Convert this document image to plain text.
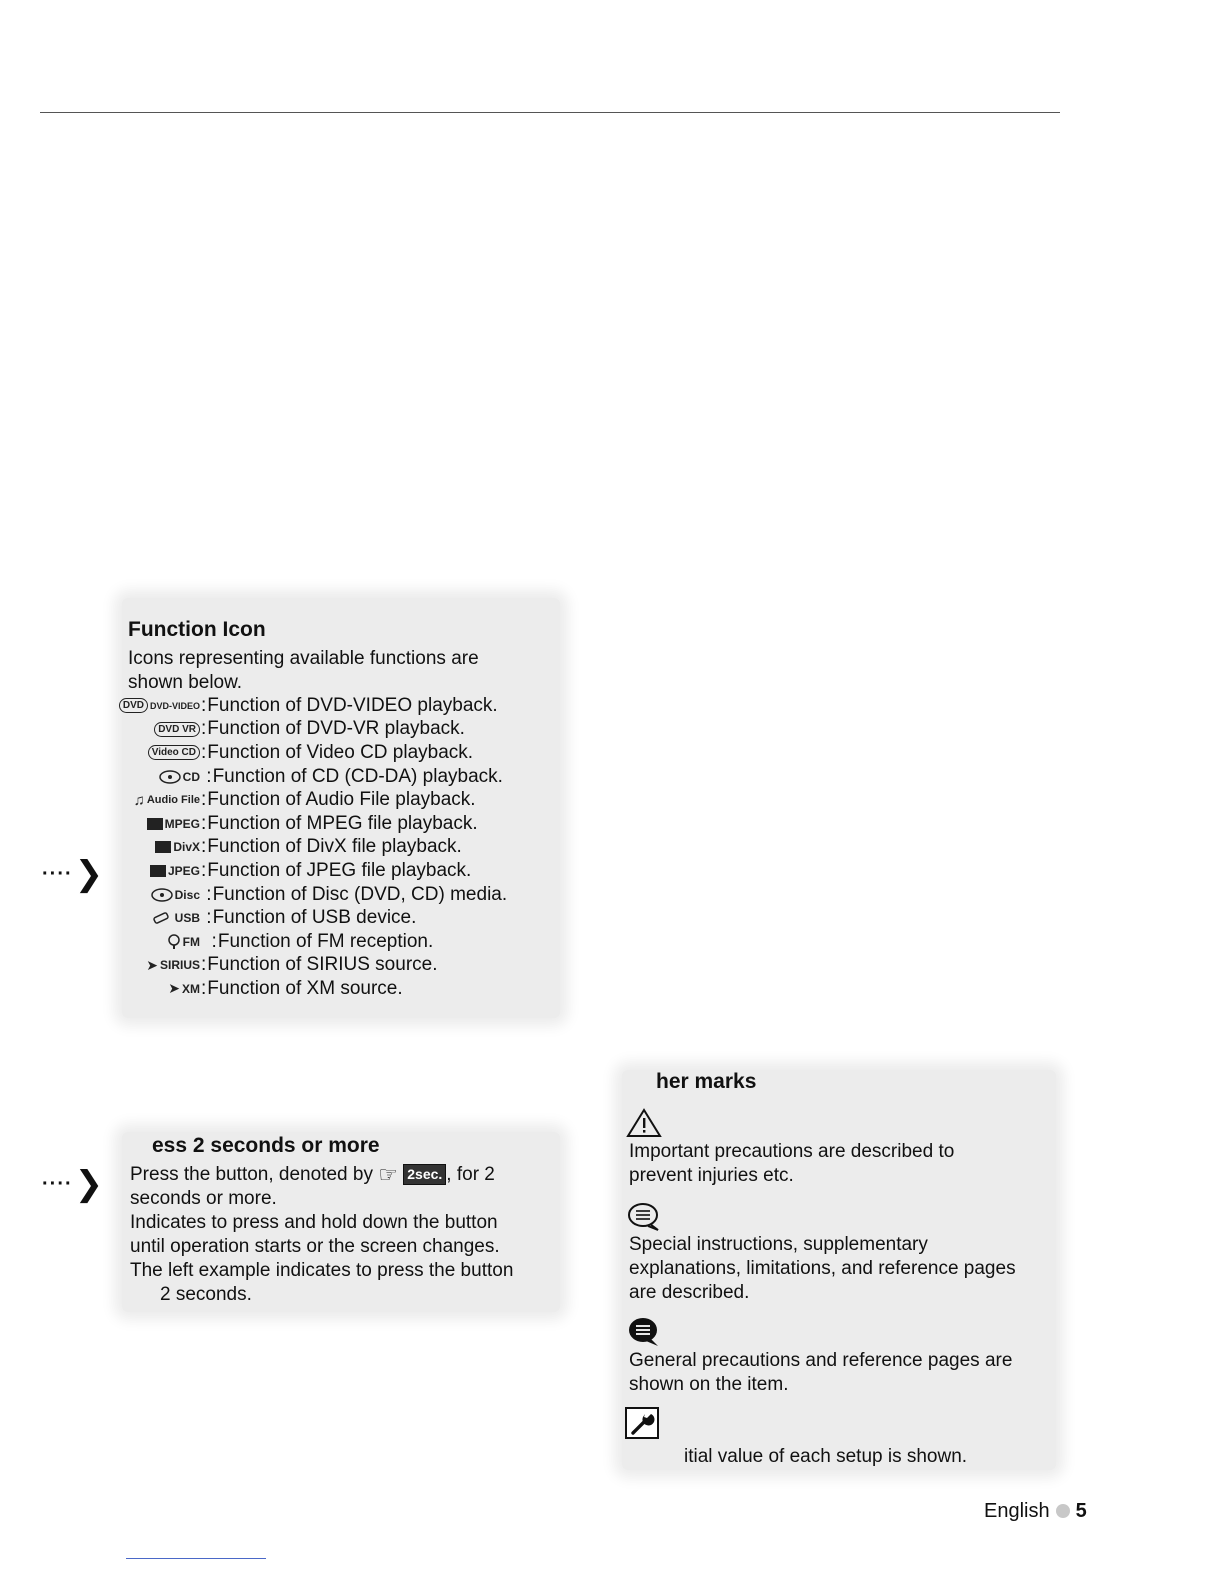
Function Icon
Icons representing available functions are
shown below.
DVD DVD-VIDEO : Function of DVD-VIDEO playback.
DVD VR : Function of DVD-VR playback.
Video CD : Function of Video CD playback.
CD : Function of CD (CD-DA) playback.
♫ Audio File : Function of Audio File playback.
MPEG : Function of MPEG file playback.
DivX : Function of DivX file playback.
JPEG : Function of JPEG file playback.
Disc : Function of Disc (DVD, CD) media.
USB : Function of USB device.
FM : Function of FM reception.
➤ SIRIUS : Function of SIRIUS source.
➤ XM : Function of XM source.
····❯
ess 2 seconds or more
Press the button, denoted by ☞ 2sec. , for 2
seconds or more.
Indicates to press and hold down the button
until operation starts or the screen changes.
The left example indicates to press the button
2 seconds.
····❯
her marks
Important precautions are described to
prevent injuries etc.
Special instructions, supplementary
explanations, limitations, and reference pages
are described.
General precautions and reference pages are
shown on the item.
itial value of each setup is shown.
English 5
